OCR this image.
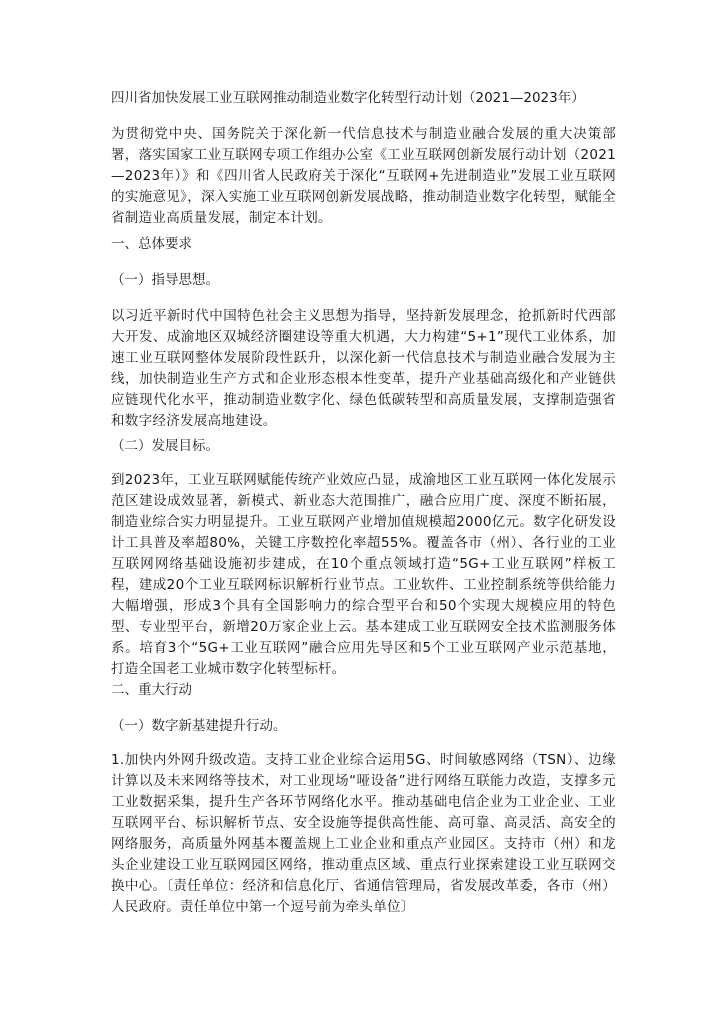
四川省加快发展工业互联网推动制造业数字化转型行动计划（2021—2023年）
为贯彻党中央、国务院关于深化新一代信息技术与制造业融合发展的重大决策部署，落实国家工业互联网专项工作组办公室《工业互联网创新发展行动计划（2021—2023年）》和《四川省人民政府关于深化“互联网+先进制造业”发展工业互联网的实施意见》，深入实施工业互联网创新发展战略，推动制造业数字化转型，赋能全省制造业高质量发展，制定本计划。
一、总体要求
（一）指导思想。
以习近平新时代中国特色社会主义思想为指导，坚持新发展理念，抢抓新时代西部大开发、成渝地区双城经济圈建设等重大机遇，大力构建“5+1”现代工业体系，加速工业互联网整体发展阶段性跃升，以深化新一代信息技术与制造业融合发展为主线，加快制造业生产方式和企业形态根本性变革，提升产业基础高级化和产业链供应链现代化水平，推动制造业数字化、绿色低碳转型和高质量发展，支撑制造强省和数字经济发展高地建设。
（二）发展目标。
到2023年，工业互联网赋能传统产业效应凸显，成渝地区工业互联网一体化发展示范区建设成效显著，新模式、新业态大范围推广，融合应用广度、深度不断拓展，制造业综合实力明显提升。工业互联网产业增加值规模超2000亿元。数字化研发设计工具普及率超80%，关键工序数控化率超55%。覆盖各市（州）、各行业的工业互联网网络基础设施初步建成，在10个重点领域打造“5G+工业互联网”样板工程，建成20个工业互联网标识解析行业节点。工业软件、工业控制系统等供给能力大幅增强，形成3个具有全国影响力的综合型平台和50个实现大规模应用的特色型、专业型平台，新增20万家企业上云。基本建成工业互联网安全技术监测服务体系。培育3个“5G+工业互联网”融合应用先导区和5个工业互联网产业示范基地，打造全国老工业城市数字化转型标杆。
二、重大行动
（一）数字新基建提升行动。
1.加快内外网升级改造。支持工业企业综合运用5G、时间敏感网络（TSN）、边缘计算以及未来网络等技术，对工业现场“哑设备”进行网络互联能力改造，支撑多元工业数据采集，提升生产各环节网络化水平。推动基础电信企业为工业企业、工业互联网平台、标识解析节点、安全设施等提供高性能、高可靠、高灵活、高安全的网络服务，高质量外网基本覆盖规上工业企业和重点产业园区。支持市（州）和龙头企业建设工业互联网园区网络，推动重点区域、重点行业探索建设工业互联网交换中心。〔责任单位：经济和信息化厅、省通信管理局，省发展改革委，各市（州）人民政府。责任单位中第一个逗号前为牵头单位〕
